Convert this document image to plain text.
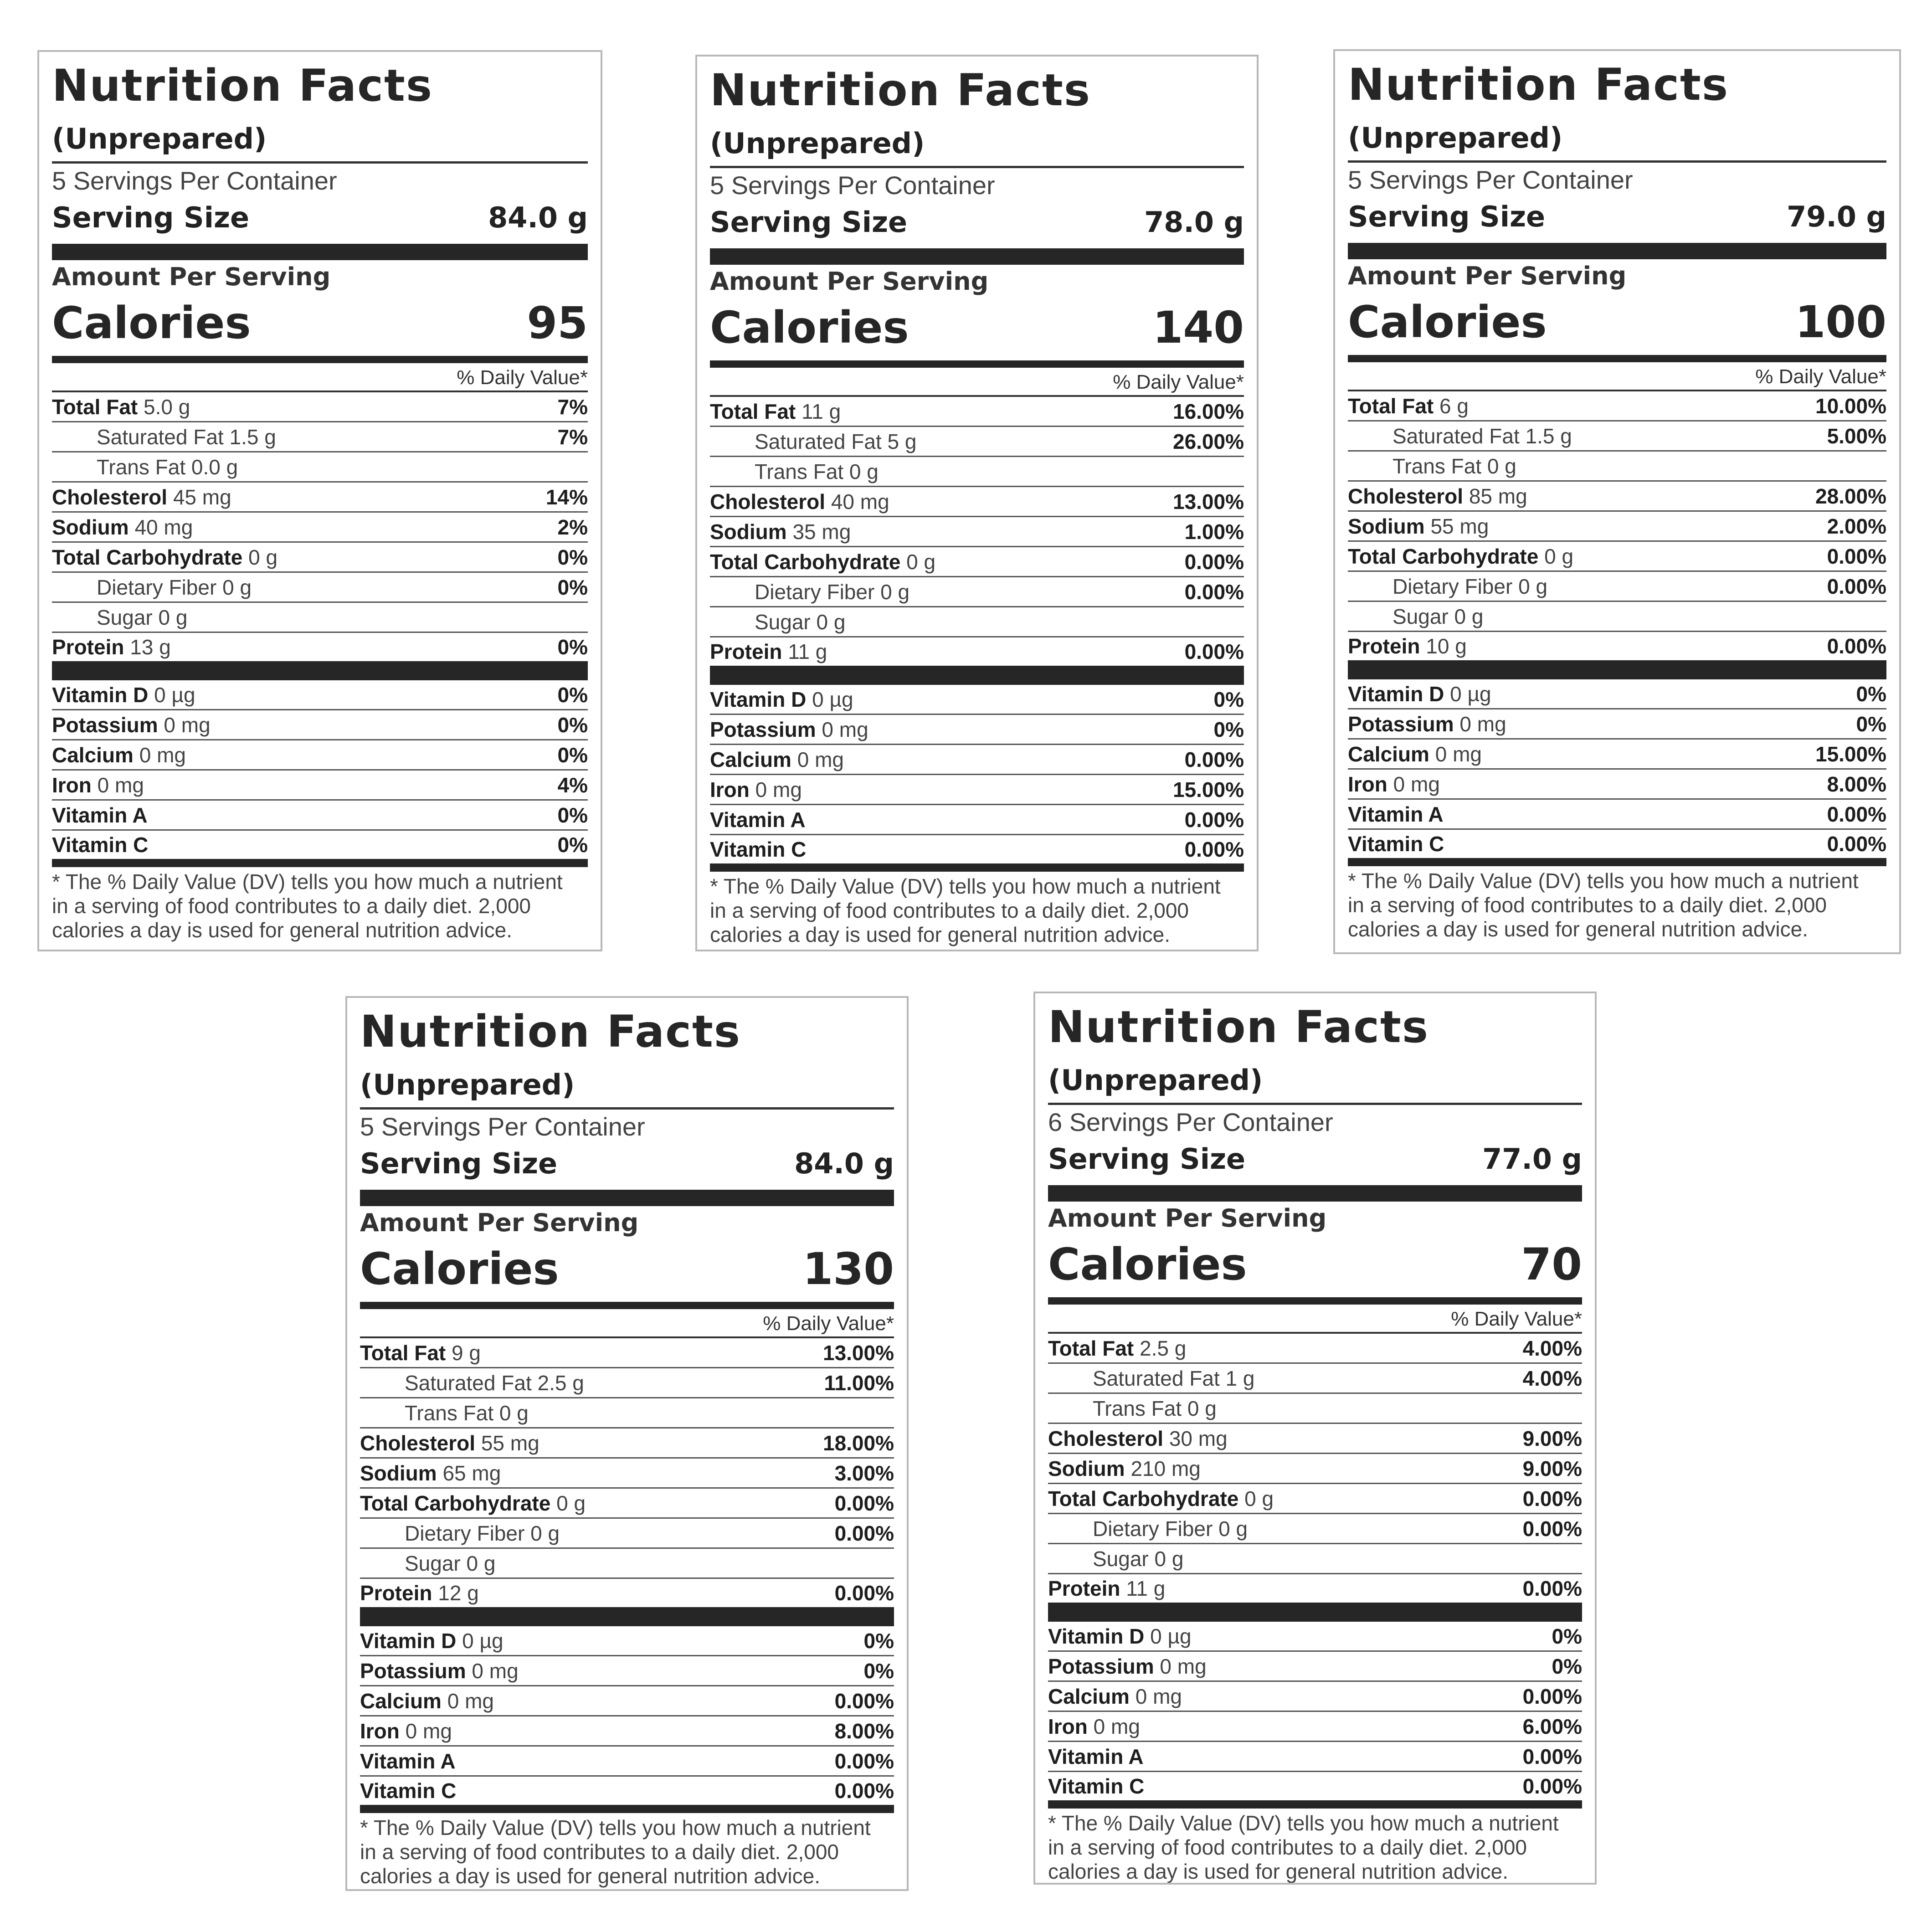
Nutrition Facts
(Unprepared)
5 Servings Per Container
Serving Size	84.0 g
Amount Per Serving
Calories	95
% Daily Value*
Total Fat 5.0 g	7%
Saturated Fat 1.5 g	7%
Trans Fat 0.0 g
Cholesterol 45 mg	14%
Sodium 40 mg	2%
Total Carbohydrate 0 g	0%
Dietary Fiber 0 g	0%
Sugar 0 g
Protein 13 g	0%
Vitamin D 0 µg	0%
Potassium 0 mg	0%
Calcium 0 mg	0%
Iron 0 mg	4%
Vitamin A	0%
Vitamin C	0%
* The % Daily Value (DV) tells you how much a nutrient
in a serving of food contributes to a daily diet. 2,000
calories a day is used for general nutrition advice.
Nutrition Facts
(Unprepared)
5 Servings Per Container
Serving Size	78.0 g
Amount Per Serving
Calories	140
% Daily Value*
Total Fat 11 g	16.00%
Saturated Fat 5 g	26.00%
Trans Fat 0 g
Cholesterol 40 mg	13.00%
Sodium 35 mg	1.00%
Total Carbohydrate 0 g	0.00%
Dietary Fiber 0 g	0.00%
Sugar 0 g
Protein 11 g	0.00%
Vitamin D 0 µg	0%
Potassium 0 mg	0%
Calcium 0 mg	0.00%
Iron 0 mg	15.00%
Vitamin A	0.00%
Vitamin C	0.00%
* The % Daily Value (DV) tells you how much a nutrient
in a serving of food contributes to a daily diet. 2,000
calories a day is used for general nutrition advice.
Nutrition Facts
(Unprepared)
5 Servings Per Container
Serving Size	79.0 g
Amount Per Serving
Calories	100
% Daily Value*
Total Fat 6 g	10.00%
Saturated Fat 1.5 g	5.00%
Trans Fat 0 g
Cholesterol 85 mg	28.00%
Sodium 55 mg	2.00%
Total Carbohydrate 0 g	0.00%
Dietary Fiber 0 g	0.00%
Sugar 0 g
Protein 10 g	0.00%
Vitamin D 0 µg	0%
Potassium 0 mg	0%
Calcium 0 mg	15.00%
Iron 0 mg	8.00%
Vitamin A	0.00%
Vitamin C	0.00%
* The % Daily Value (DV) tells you how much a nutrient
in a serving of food contributes to a daily diet. 2,000
calories a day is used for general nutrition advice.
Nutrition Facts
(Unprepared)
5 Servings Per Container
Serving Size	84.0 g
Amount Per Serving
Calories	130
% Daily Value*
Total Fat 9 g	13.00%
Saturated Fat 2.5 g	11.00%
Trans Fat 0 g
Cholesterol 55 mg	18.00%
Sodium 65 mg	3.00%
Total Carbohydrate 0 g	0.00%
Dietary Fiber 0 g	0.00%
Sugar 0 g
Protein 12 g	0.00%
Vitamin D 0 µg	0%
Potassium 0 mg	0%
Calcium 0 mg	0.00%
Iron 0 mg	8.00%
Vitamin A	0.00%
Vitamin C	0.00%
* The % Daily Value (DV) tells you how much a nutrient
in a serving of food contributes to a daily diet. 2,000
calories a day is used for general nutrition advice.
Nutrition Facts
(Unprepared)
6 Servings Per Container
Serving Size	77.0 g
Amount Per Serving
Calories	70
% Daily Value*
Total Fat 2.5 g	4.00%
Saturated Fat 1 g	4.00%
Trans Fat 0 g
Cholesterol 30 mg	9.00%
Sodium 210 mg	9.00%
Total Carbohydrate 0 g	0.00%
Dietary Fiber 0 g	0.00%
Sugar 0 g
Protein 11 g	0.00%
Vitamin D 0 µg	0%
Potassium 0 mg	0%
Calcium 0 mg	0.00%
Iron 0 mg	6.00%
Vitamin A	0.00%
Vitamin C	0.00%
* The % Daily Value (DV) tells you how much a nutrient
in a serving of food contributes to a daily diet. 2,000
calories a day is used for general nutrition advice.
